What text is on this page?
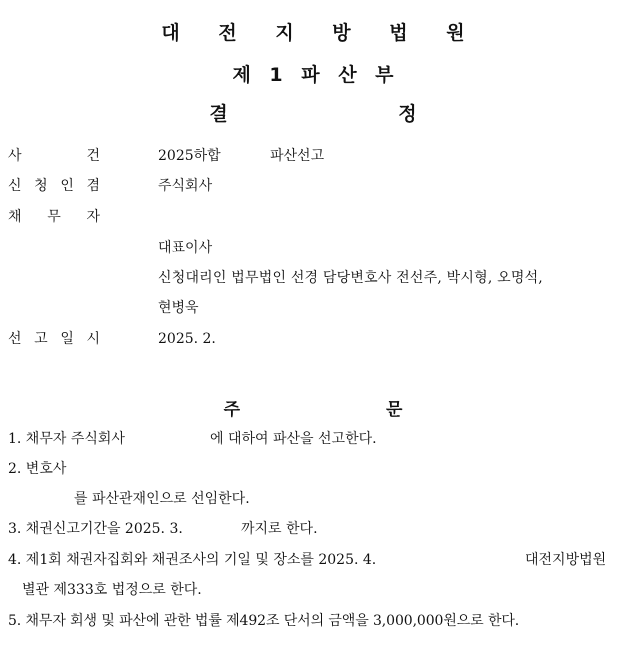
대 전 지 방 법 원
제 1 파 산 부
결 정
사	건	2025하합	파산선고
신 청 인 겸	주식회사
채 무 자
대표이사
신청대리인 법무법인 선경 담당변호사 전선주, 박시형, 오명석,
현병욱
선 고 일 시	2025. 2.
주 문
1. 채무자 주식회사	에 대하여 파산을 선고한다.
2. 변호사
를 파산관재인으로 선임한다.
3. 채권신고기간을 2025. 3.	까지로 한다.
4. 제1회 채권자집회와 채권조사의 기일 및 장소를 2025. 4.	대전지방법원
별관 제333호 법정으로 한다.
5. 채무자 회생 및 파산에 관한 법률 제492조 단서의 금액을 3,000,000원으로 한다.
